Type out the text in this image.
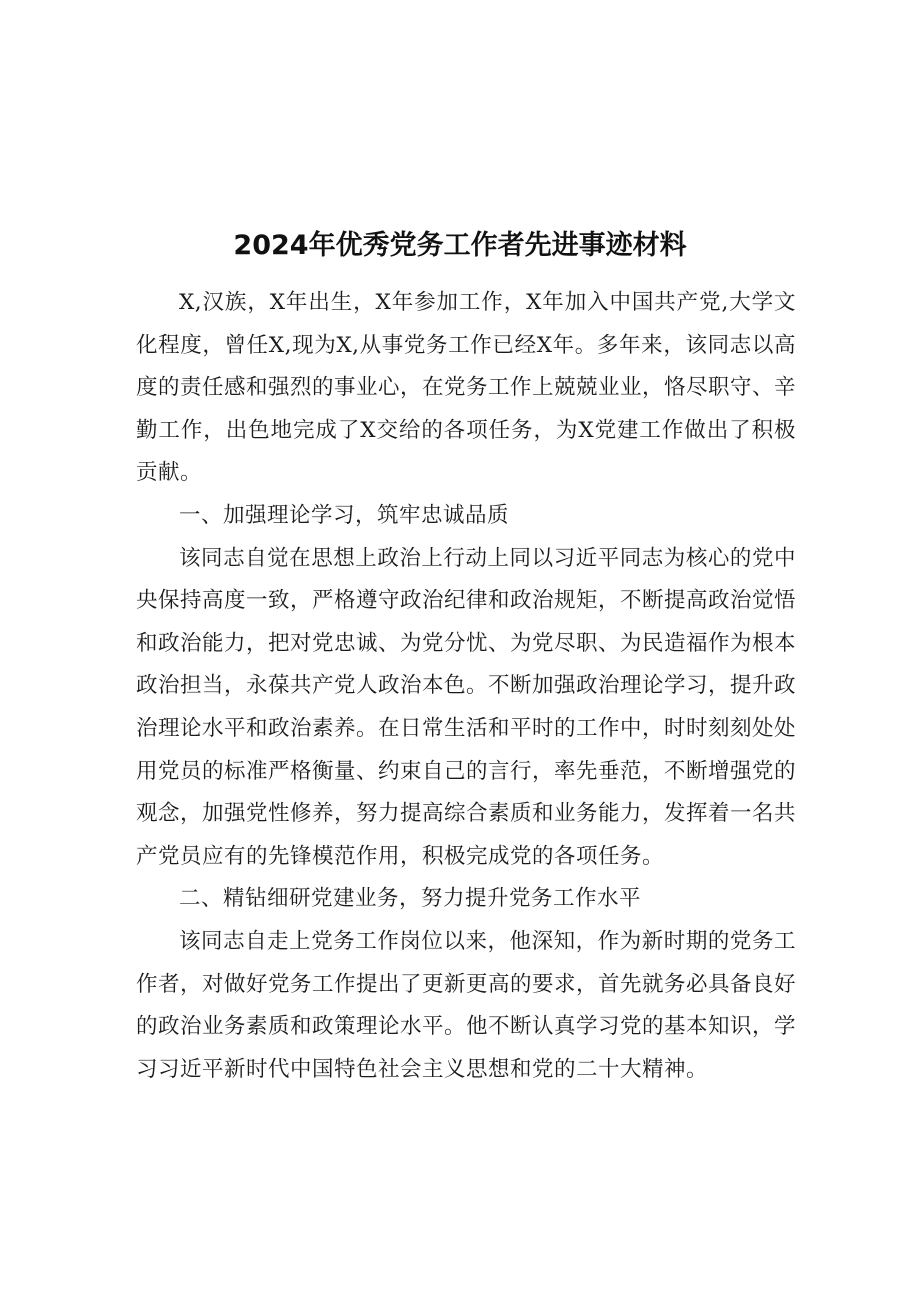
2024年优秀党务工作者先进事迹材料

X,汉族，X年出生，X年参加工作，X年加入中国共产党,大学文化程度，曾任X,现为X,从事党务工作已经X年。多年来，该同志以高度的责任感和强烈的事业心，在党务工作上兢兢业业，恪尽职守、辛勤工作，出色地完成了X交给的各项任务，为X党建工作做出了积极贡献。

一、加强理论学习，筑牢忠诚品质

该同志自觉在思想上政治上行动上同以习近平同志为核心的党中央保持高度一致，严格遵守政治纪律和政治规矩，不断提高政治觉悟和政治能力，把对党忠诚、为党分忧、为党尽职、为民造福作为根本政治担当，永葆共产党人政治本色。不断加强政治理论学习，提升政治理论水平和政治素养。在日常生活和平时的工作中，时时刻刻处处用党员的标准严格衡量、约束自己的言行，率先垂范，不断增强党的观念，加强党性修养，努力提高综合素质和业务能力，发挥着一名共产党员应有的先锋模范作用，积极完成党的各项任务。

二、精钻细研党建业务，努力提升党务工作水平

该同志自走上党务工作岗位以来，他深知，作为新时期的党务工作者，对做好党务工作提出了更新更高的要求，首先就务必具备良好的政治业务素质和政策理论水平。他不断认真学习党的基本知识，学习习近平新时代中国特色社会主义思想和党的二十大精神。
